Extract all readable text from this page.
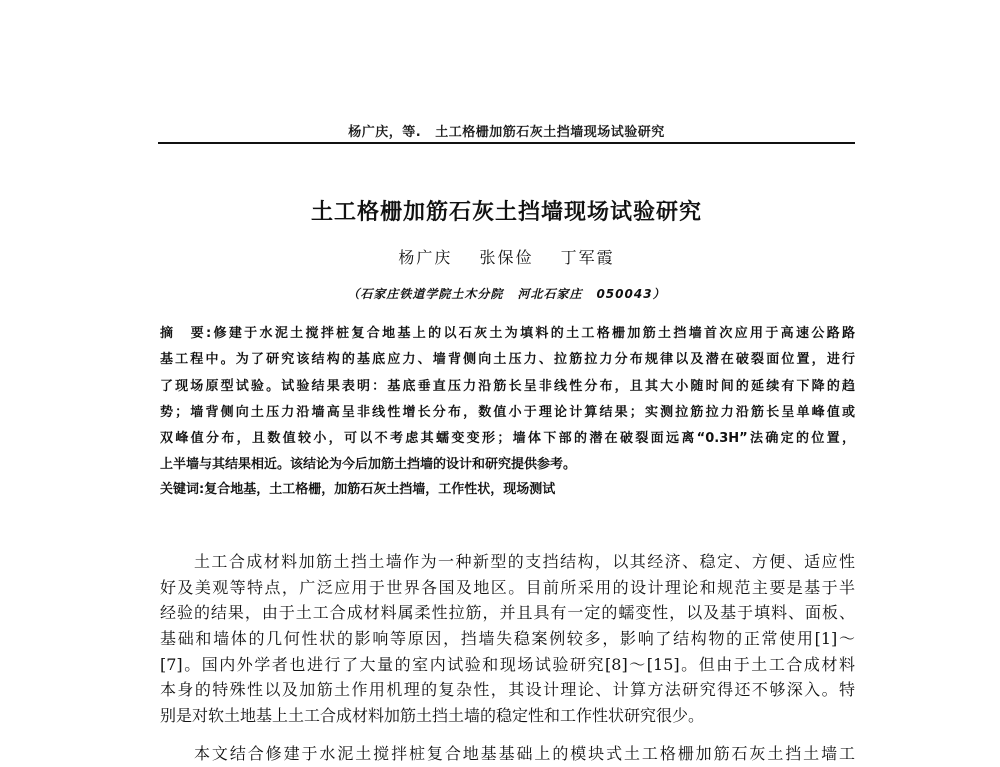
杨广庆，等. 土工格栅加筋石灰土挡墙现场试验研究
土工格栅加筋石灰土挡墙现场试验研究
杨广庆 张保俭 丁军霞
（石家庄铁道学院土木分院 河北石家庄 050043）
摘　要:修建于水泥土搅拌桩复合地基上的以石灰土为填料的土工格栅加筋土挡墙首次应用于高速公路路
基工程中。为了研究该结构的基底应力、墙背侧向土压力、拉筋拉力分布规律以及潜在破裂面位置，进行
了现场原型试验。试验结果表明：基底垂直压力沿筋长呈非线性分布，且其大小随时间的延续有下降的趋
势；墙背侧向土压力沿墙高呈非线性增长分布，数值小于理论计算结果；实测拉筋拉力沿筋长呈单峰值或
双峰值分布，且数值较小，可以不考虑其蠕变变形；墙体下部的潜在破裂面远离“0.3H”法确定的位置，
上半墙与其结果相近。该结论为今后加筋土挡墙的设计和研究提供参考。
关键词:复合地基，土工格栅，加筋石灰土挡墙，工作性状，现场测试
土工合成材料加筋土挡土墙作为一种新型的支挡结构，以其经济、稳定、方便、适应性
好及美观等特点，广泛应用于世界各国及地区。目前所采用的设计理论和规范主要是基于半
经验的结果，由于土工合成材料属柔性拉筋，并且具有一定的蠕变性，以及基于填料、面板、
基础和墙体的几何性状的影响等原因，挡墙失稳案例较多，影响了结构物的正常使用[1]～
[7]。国内外学者也进行了大量的室内试验和现场试验研究[8]～[15]。但由于土工合成材料
本身的特殊性以及加筋土作用机理的复杂性，其设计理论、计算方法研究得还不够深入。特
别是对软土地基上土工合成材料加筋土挡土墙的稳定性和工作性状研究很少。
本文结合修建于水泥土搅拌桩复合地基基础上的模块式土工格栅加筋石灰土挡土墙工
